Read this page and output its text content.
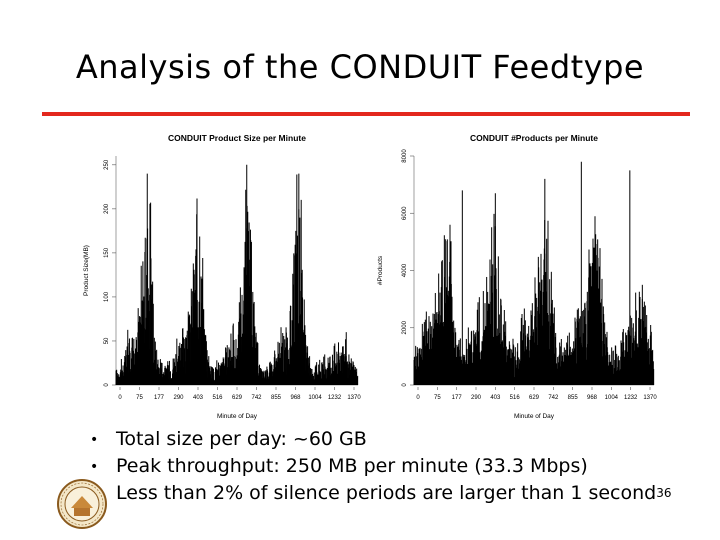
Analysis of the CONDUIT Feedtype
CONDUIT Product Size per Minute
0
50
100
150
200
250
Product Size(MB)
0 75 177 290 403 516 629 742 855 968 1004 1232 1370
Minute of Day
CONDUIT #Products per Minute
0
2000
4000
6000
8000
#Products
0 75 177 290 403 516 629 742 855 968 1004 1232 1370
Minute of Day
• Total size per day: ~60 GB
• Peak throughput: 250 MB per minute (33.3 Mbps)
Less than 2% of silence periods are larger than 1 second 36
